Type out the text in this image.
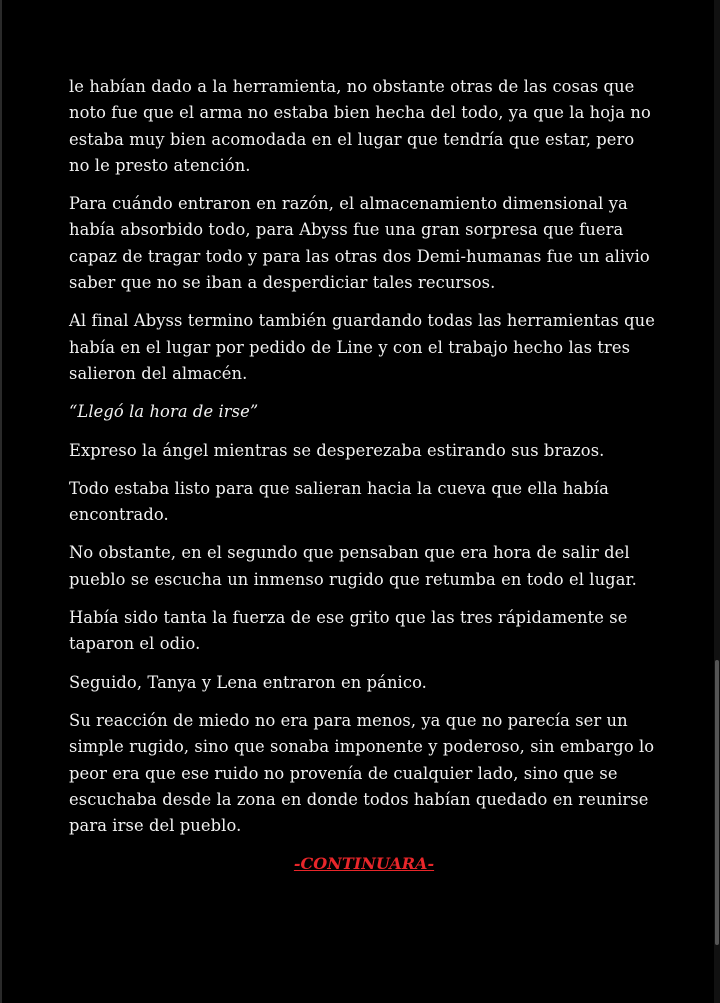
le habían dado a la herramienta, no obstante otras de las cosas que noto fue que el arma no estaba bien hecha del todo, ya que la hoja no estaba muy bien acomodada en el lugar que tendría que estar, pero no le presto atención.

Para cuándo entraron en razón, el almacenamiento dimensional ya había absorbido todo, para Abyss fue una gran sorpresa que fuera capaz de tragar todo y para las otras dos Demi-humanas fue un alivio saber que no se iban a desperdiciar tales recursos.

Al final Abyss termino también guardando todas las herramientas que había en el lugar por pedido de Line y con el trabajo hecho las tres salieron del almacén.

“Llegó la hora de irse”

Expreso la ángel mientras se desperezaba estirando sus brazos.

Todo estaba listo para que salieran hacia la cueva que ella había encontrado.

No obstante, en el segundo que pensaban que era hora de salir del pueblo se escucha un inmenso rugido que retumba en todo el lugar.

Había sido tanta la fuerza de ese grito que las tres rápidamente se taparon el odio.

Seguido, Tanya y Lena entraron en pánico.

Su reacción de miedo no era para menos, ya que no parecía ser un simple rugido, sino que sonaba imponente y poderoso, sin embargo lo peor era que ese ruido no provenía de cualquier lado, sino que se escuchaba desde la zona en donde todos habían quedado en reunirse para irse del pueblo.

-CONTINUARA-
